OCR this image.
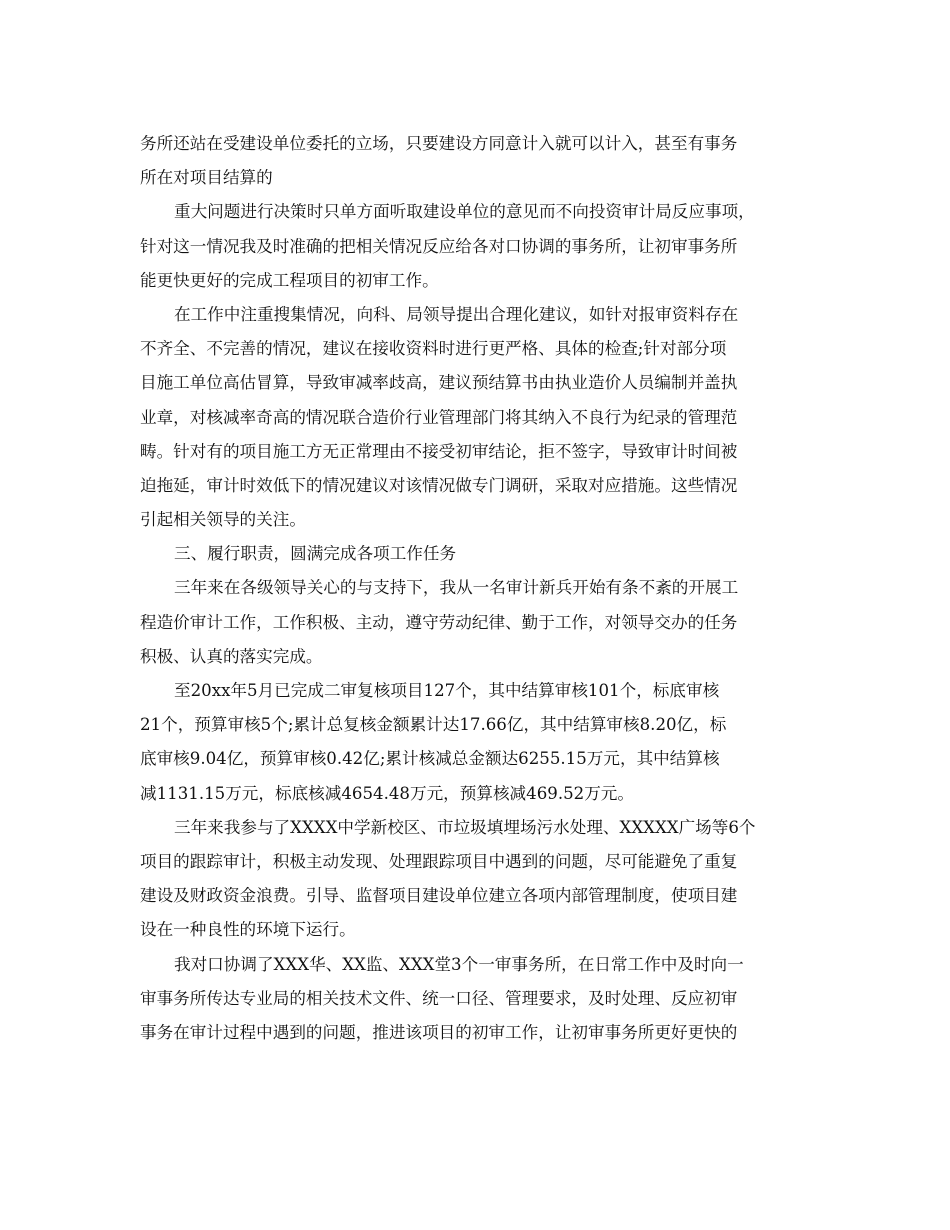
务所还站在受建设单位委托的立场，只要建设方同意计入就可以计入，甚至有事务
所在对项目结算的
重大问题进行决策时只单方面听取建设单位的意见而不向投资审计局反应事项，
针对这一情况我及时准确的把相关情况反应给各对口协调的事务所，让初审事务所
能更快更好的完成工程项目的初审工作。
在工作中注重搜集情况，向科、局领导提出合理化建议，如针对报审资料存在
不齐全、不完善的情况，建议在接收资料时进行更严格、具体的检查;针对部分项
目施工单位高估冒算，导致审减率歧高，建议预结算书由执业造价人员编制并盖执
业章，对核减率奇高的情况联合造价行业管理部门将其纳入不良行为纪录的管理范
畴。针对有的项目施工方无正常理由不接受初审结论，拒不签字，导致审计时间被
迫拖延，审计时效低下的情况建议对该情况做专门调研，采取对应措施。这些情况
引起相关领导的关注。
三、履行职责，圆满完成各项工作任务
三年来在各级领导关心的与支持下，我从一名审计新兵开始有条不紊的开展工
程造价审计工作，工作积极、主动，遵守劳动纪律、勤于工作，对领导交办的任务
积极、认真的落实完成。
至20xx年5月已完成二审复核项目127个，其中结算审核101个，标底审核
21个，预算审核5个;累计总复核金额累计达17.66亿，其中结算审核8.20亿，标
底审核9.04亿，预算审核0.42亿;累计核减总金额达6255.15万元，其中结算核
减1131.15万元，标底核减4654.48万元，预算核减469.52万元。
三年来我参与了XXXX中学新校区、市垃圾填埋场污水处理、XXXXX广场等6个
项目的跟踪审计，积极主动发现、处理跟踪项目中遇到的问题，尽可能避免了重复
建设及财政资金浪费。引导、监督项目建设单位建立各项内部管理制度，使项目建
设在一种良性的环境下运行。
我对口协调了XXX华、XX监、XXX堂3个一审事务所，在日常工作中及时向一
审事务所传达专业局的相关技术文件、统一口径、管理要求，及时处理、反应初审
事务在审计过程中遇到的问题，推进该项目的初审工作，让初审事务所更好更快的
